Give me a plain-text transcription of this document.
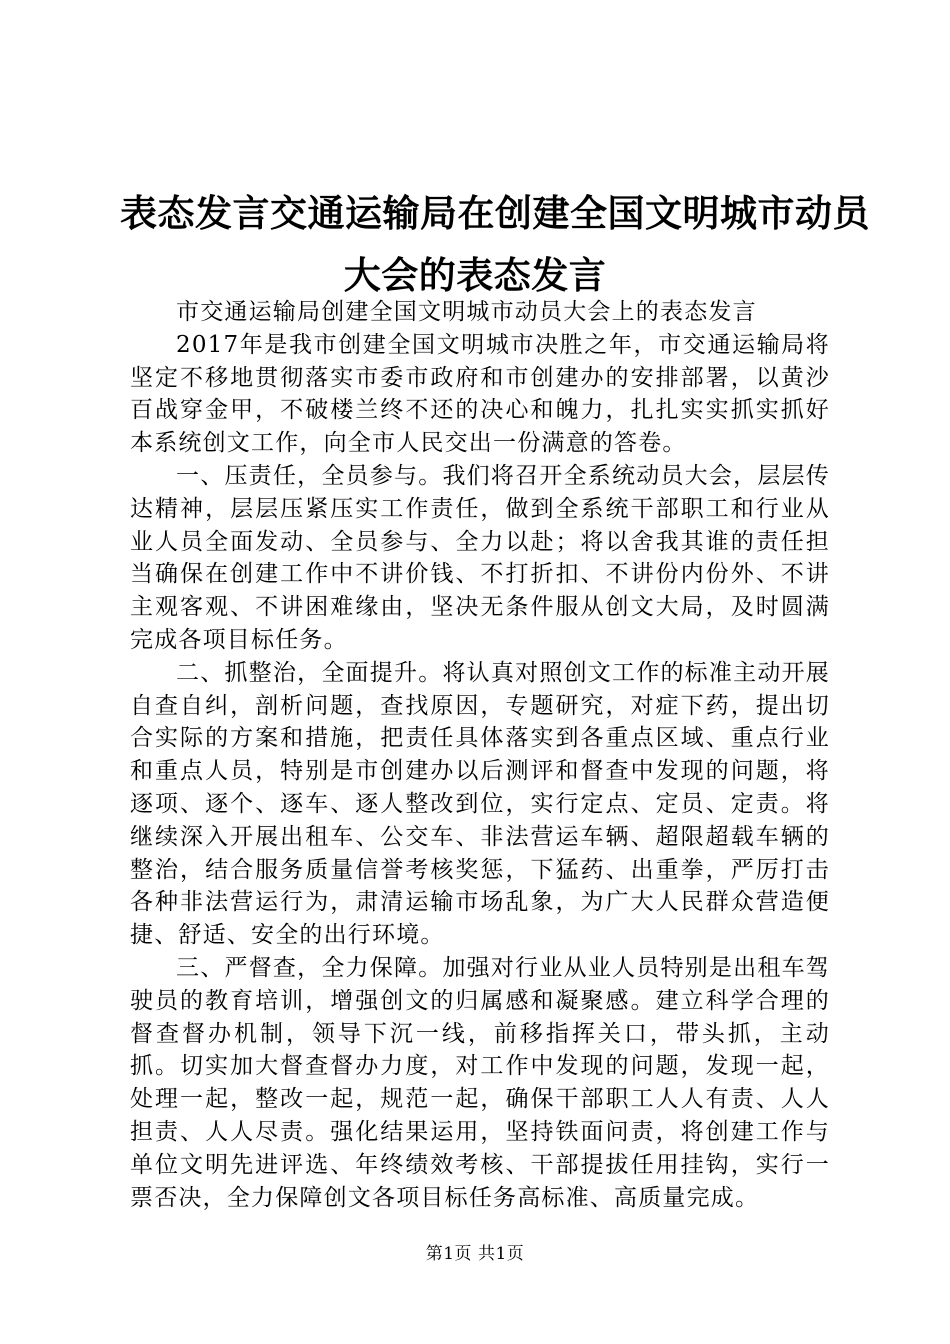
表态发言交通运输局在创建全国文明城市动员
大会的表态发言

市交通运输局创建全国文明城市动员大会上的表态发言

2017年是我市创建全国文明城市决胜之年，市交通运输局将坚定不移地贯彻落实市委市政府和市创建办的安排部署，以黄沙百战穿金甲，不破楼兰终不还的决心和魄力，扎扎实实抓实抓好本系统创文工作，向全市人民交出一份满意的答卷。

一、压责任，全员参与。我们将召开全系统动员大会，层层传达精神，层层压紧压实工作责任，做到全系统干部职工和行业从业人员全面发动、全员参与、全力以赴；将以舍我其谁的责任担当确保在创建工作中不讲价钱、不打折扣、不讲份内份外、不讲主观客观、不讲困难缘由，坚决无条件服从创文大局，及时圆满完成各项目标任务。

二、抓整治，全面提升。将认真对照创文工作的标准主动开展自查自纠，剖析问题，查找原因，专题研究，对症下药，提出切合实际的方案和措施，把责任具体落实到各重点区域、重点行业和重点人员，特别是市创建办以后测评和督查中发现的问题，将逐项、逐个、逐车、逐人整改到位，实行定点、定员、定责。将继续深入开展出租车、公交车、非法营运车辆、超限超载车辆的整治，结合服务质量信誉考核奖惩，下猛药、出重拳，严厉打击各种非法营运行为，肃清运输市场乱象，为广大人民群众营造便捷、舒适、安全的出行环境。

三、严督查，全力保障。加强对行业从业人员特别是出租车驾驶员的教育培训，增强创文的归属感和凝聚感。建立科学合理的督查督办机制，领导下沉一线，前移指挥关口，带头抓，主动抓。切实加大督查督办力度，对工作中发现的问题，发现一起，处理一起，整改一起，规范一起，确保干部职工人人有责、人人担责、人人尽责。强化结果运用，坚持铁面问责，将创建工作与单位文明先进评选、年终绩效考核、干部提拔任用挂钩，实行一票否决，全力保障创文各项目标任务高标准、高质量完成。

第1页 共1页
